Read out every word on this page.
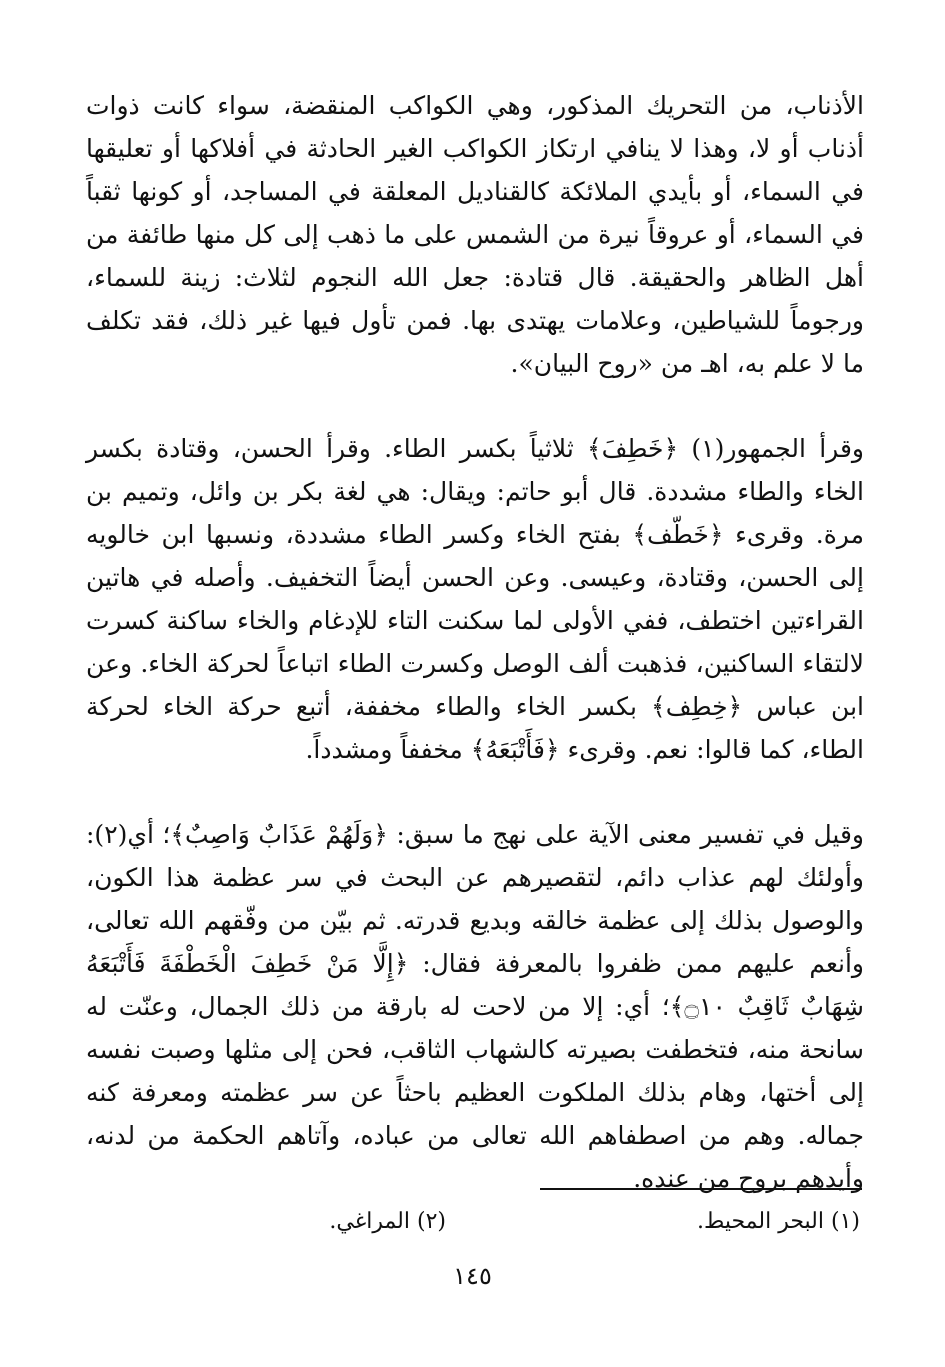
الأذناب، من التحريك المذكور، وهي الكواكب المنقضة، سواء كانت ذوات أذناب أو لا، وهذا لا ينافي ارتكاز الكواكب الغير الحادثة في أفلاكها أو تعليقها في السماء، أو بأيدي الملائكة كالقناديل المعلقة في المساجد، أو كونها ثقباً في السماء، أو عروقاً نيرة من الشمس على ما ذهب إلى كل منها طائفة من أهل الظاهر والحقيقة. قال قتادة: جعل الله النجوم لثلاث: زينة للسماء، ورجوماً للشياطين، وعلامات يهتدى بها. فمن تأول فيها غير ذلك، فقد تكلف ما لا علم به، اهـ من «روح البيان».

وقرأ الجمهور(١) ﴿خَطِفَ﴾ ثلاثياً بكسر الطاء. وقرأ الحسن، وقتادة بكسر الخاء والطاء مشددة. قال أبو حاتم: ويقال: هي لغة بكر بن وائل، وتميم بن مرة. وقرىء ﴿خَطّف﴾ بفتح الخاء وكسر الطاء مشددة، ونسبها ابن خالويه إلى الحسن، وقتادة، وعيسى. وعن الحسن أيضاً التخفيف. وأصله في هاتين القراءتين اختطف، ففي الأولى لما سكنت التاء للإدغام والخاء ساكنة كسرت لالتقاء الساكنين، فذهبت ألف الوصل وكسرت الطاء اتباعاً لحركة الخاء. وعن ابن عباس ﴿خِطِف﴾ بكسر الخاء والطاء مخففة، أتبع حركة الخاء لحركة الطاء، كما قالوا: نعم. وقرىء ﴿فَأَتْبَعَهُ﴾ مخففاً ومشدداً.

وقيل في تفسير معنى الآية على نهج ما سبق: ﴿وَلَهُمْ عَذَابٌ وَاصِبٌ﴾؛ أي(٢): وأولئك لهم عذاب دائم، لتقصيرهم عن البحث في سر عظمة هذا الكون، والوصول بذلك إلى عظمة خالقه وبديع قدرته. ثم بيّن من وفّقهم الله تعالى، وأنعم عليهم ممن ظفروا بالمعرفة فقال: ﴿إِلَّا مَنْ خَطِفَ الْخَطْفَةَ فَأَتْبَعَهُ شِهَابٌ ثَاقِبٌ ۝١٠﴾؛ أي: إلا من لاحت له بارقة من ذلك الجمال، وعنّت له سانحة منه، فتخطفت بصيرته كالشهاب الثاقب، فحن إلى مثلها وصبت نفسه إلى أختها، وهام بذلك الملكوت العظيم باحثاً عن سر عظمته ومعرفة كنه جماله. وهم من اصطفاهم الله تعالى من عباده، وآتاهم الحكمة من لدنه، وأيدهم بروح من عنده.

(١) البحر المحيط.
(٢) المراغي.
١٤٥
